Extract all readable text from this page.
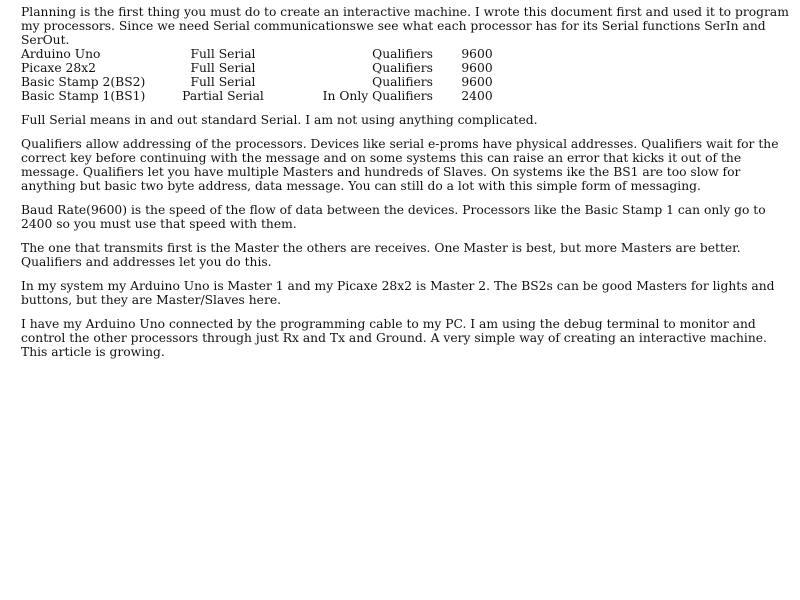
Planning is the first thing you must do to create an interactive machine. I wrote this document first and used it to program my processors. Since we need Serial communicationswe see what each processor has for its Serial functions SerIn and SerOut.

Arduino Uno	Full Serial	Qualifiers	9600
Picaxe 28x2	Full Serial	Qualifiers	9600
Basic Stamp 2(BS2)	Full Serial	Qualifiers	9600
Basic Stamp 1(BS1)	Partial Serial	In Only Qualifiers	2400

Full Serial means in and out standard Serial. I am not using anything complicated.

Qualifiers allow addressing of the processors. Devices like serial e-proms have physical addresses. Qualifiers wait for the correct key before continuing with the message and on some systems this can raise an error that kicks it out of the message. Qualifiers let you have multiple Masters and hundreds of Slaves. On systems ike the BS1 are too slow for anything but basic two byte address, data message. You can still do a lot with this simple form of messaging.

Baud Rate(9600) is the speed of the flow of data between the devices. Processors like the Basic Stamp 1 can only go to 2400 so you must use that speed with them.

The one that transmits first is the Master the others are receives. One Master is best, but more Masters are better. Qualifiers and addresses let you do this.

In my system my Arduino Uno is Master 1 and my Picaxe 28x2 is Master 2. The BS2s can be good Masters for lights and buttons, but they are Master/Slaves here.

I have my Arduino Uno connected by the programming cable to my PC. I am using the debug terminal to monitor and control the other processors through just Rx and Tx and Ground. A very simple way of creating an interactive machine. This article is growing.
